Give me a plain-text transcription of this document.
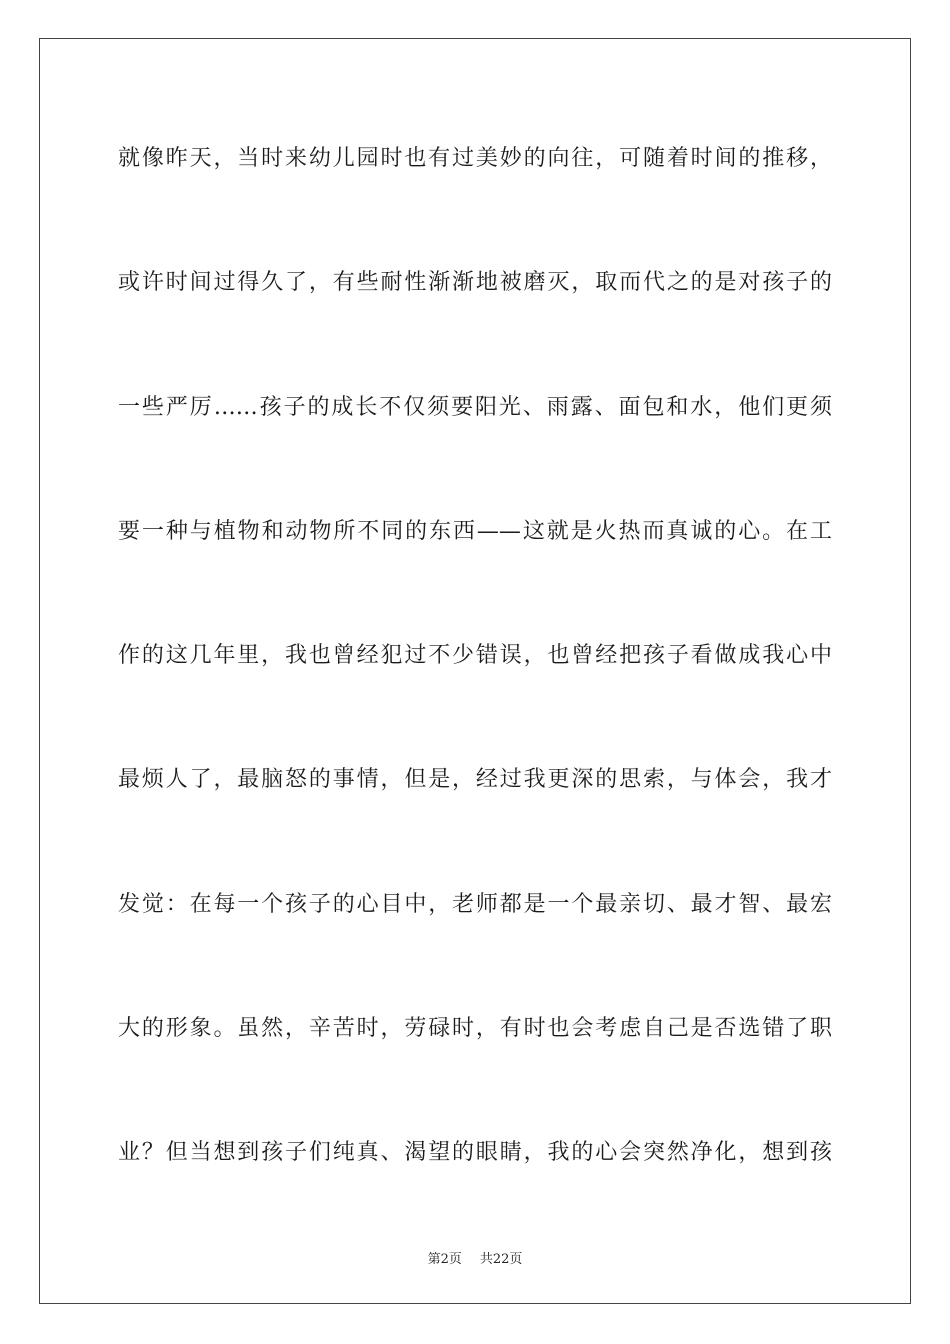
就像昨天，当时来幼儿园时也有过美妙的向往，可随着时间的推移，
或许时间过得久了，有些耐性渐渐地被磨灭，取而代之的是对孩子的
一些严厉……孩子的成长不仅须要阳光、雨露、面包和水，他们更须
要一种与植物和动物所不同的东西——这就是火热而真诚的心。在工
作的这几年里，我也曾经犯过不少错误，也曾经把孩子看做成我心中
最烦人了，最脑怒的事情，但是，经过我更深的思索，与体会，我才
发觉：在每一个孩子的心目中，老师都是一个最亲切、最才智、最宏
大的形象。虽然，辛苦时，劳碌时，有时也会考虑自己是否选错了职
业？但当想到孩子们纯真、渴望的眼睛，我的心会突然净化，想到孩
第2页 共22页
